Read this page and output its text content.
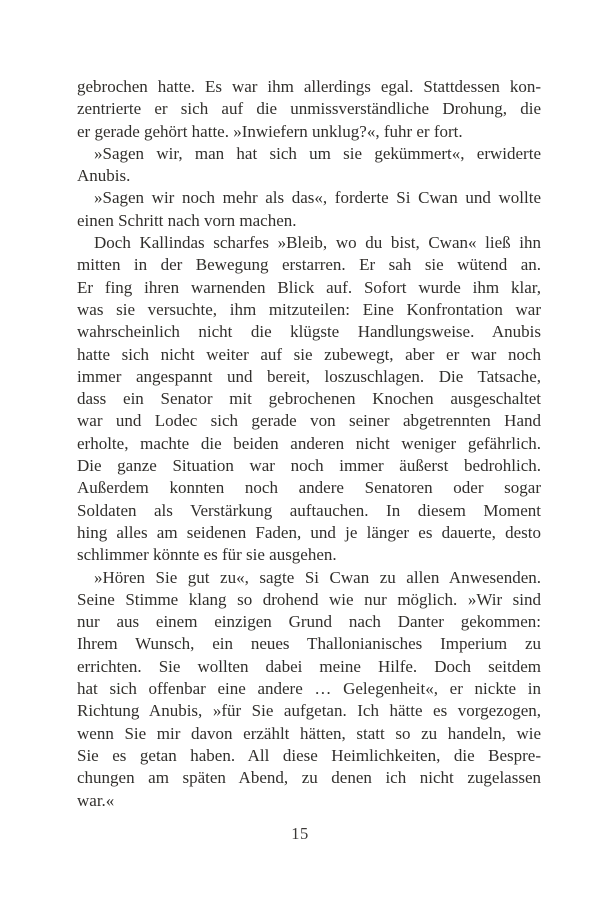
gebrochen hatte. Es war ihm allerdings egal. Stattdessen kon-
zentrierte er sich auf die unmissverständliche Drohung, die
er gerade gehört hatte. »Inwiefern unklug?«, fuhr er fort.

»Sagen wir, man hat sich um sie gekümmert«, erwiderte
Anubis.

»Sagen wir noch mehr als das«, forderte Si Cwan und wollte
einen Schritt nach vorn machen.

Doch Kallindas scharfes »Bleib, wo du bist, Cwan« ließ ihn
mitten in der Bewegung erstarren. Er sah sie wütend an.
Er fing ihren warnenden Blick auf. Sofort wurde ihm klar,
was sie versuchte, ihm mitzuteilen: Eine Konfrontation war
wahrscheinlich nicht die klügste Handlungsweise. Anubis
hatte sich nicht weiter auf sie zubewegt, aber er war noch
immer angespannt und bereit, loszuschlagen. Die Tatsache,
dass ein Senator mit gebrochenen Knochen ausgeschaltet
war und Lodec sich gerade von seiner abgetrennten Hand
erholte, machte die beiden anderen nicht weniger gefährlich.
Die ganze Situation war noch immer äußerst bedrohlich.
Außerdem konnten noch andere Senatoren oder sogar
Soldaten als Verstärkung auftauchen. In diesem Moment
hing alles am seidenen Faden, und je länger es dauerte, desto
schlimmer könnte es für sie ausgehen.

»Hören Sie gut zu«, sagte Si Cwan zu allen Anwesenden.
Seine Stimme klang so drohend wie nur möglich. »Wir sind
nur aus einem einzigen Grund nach Danter gekommen:
Ihrem Wunsch, ein neues Thallonianisches Imperium zu
errichten. Sie wollten dabei meine Hilfe. Doch seitdem
hat sich offenbar eine andere … Gelegenheit«, er nickte in
Richtung Anubis, »für Sie aufgetan. Ich hätte es vorgezogen,
wenn Sie mir davon erzählt hätten, statt so zu handeln, wie
Sie es getan haben. All diese Heimlichkeiten, die Bespre-
chungen am späten Abend, zu denen ich nicht zugelassen
war.«

15
